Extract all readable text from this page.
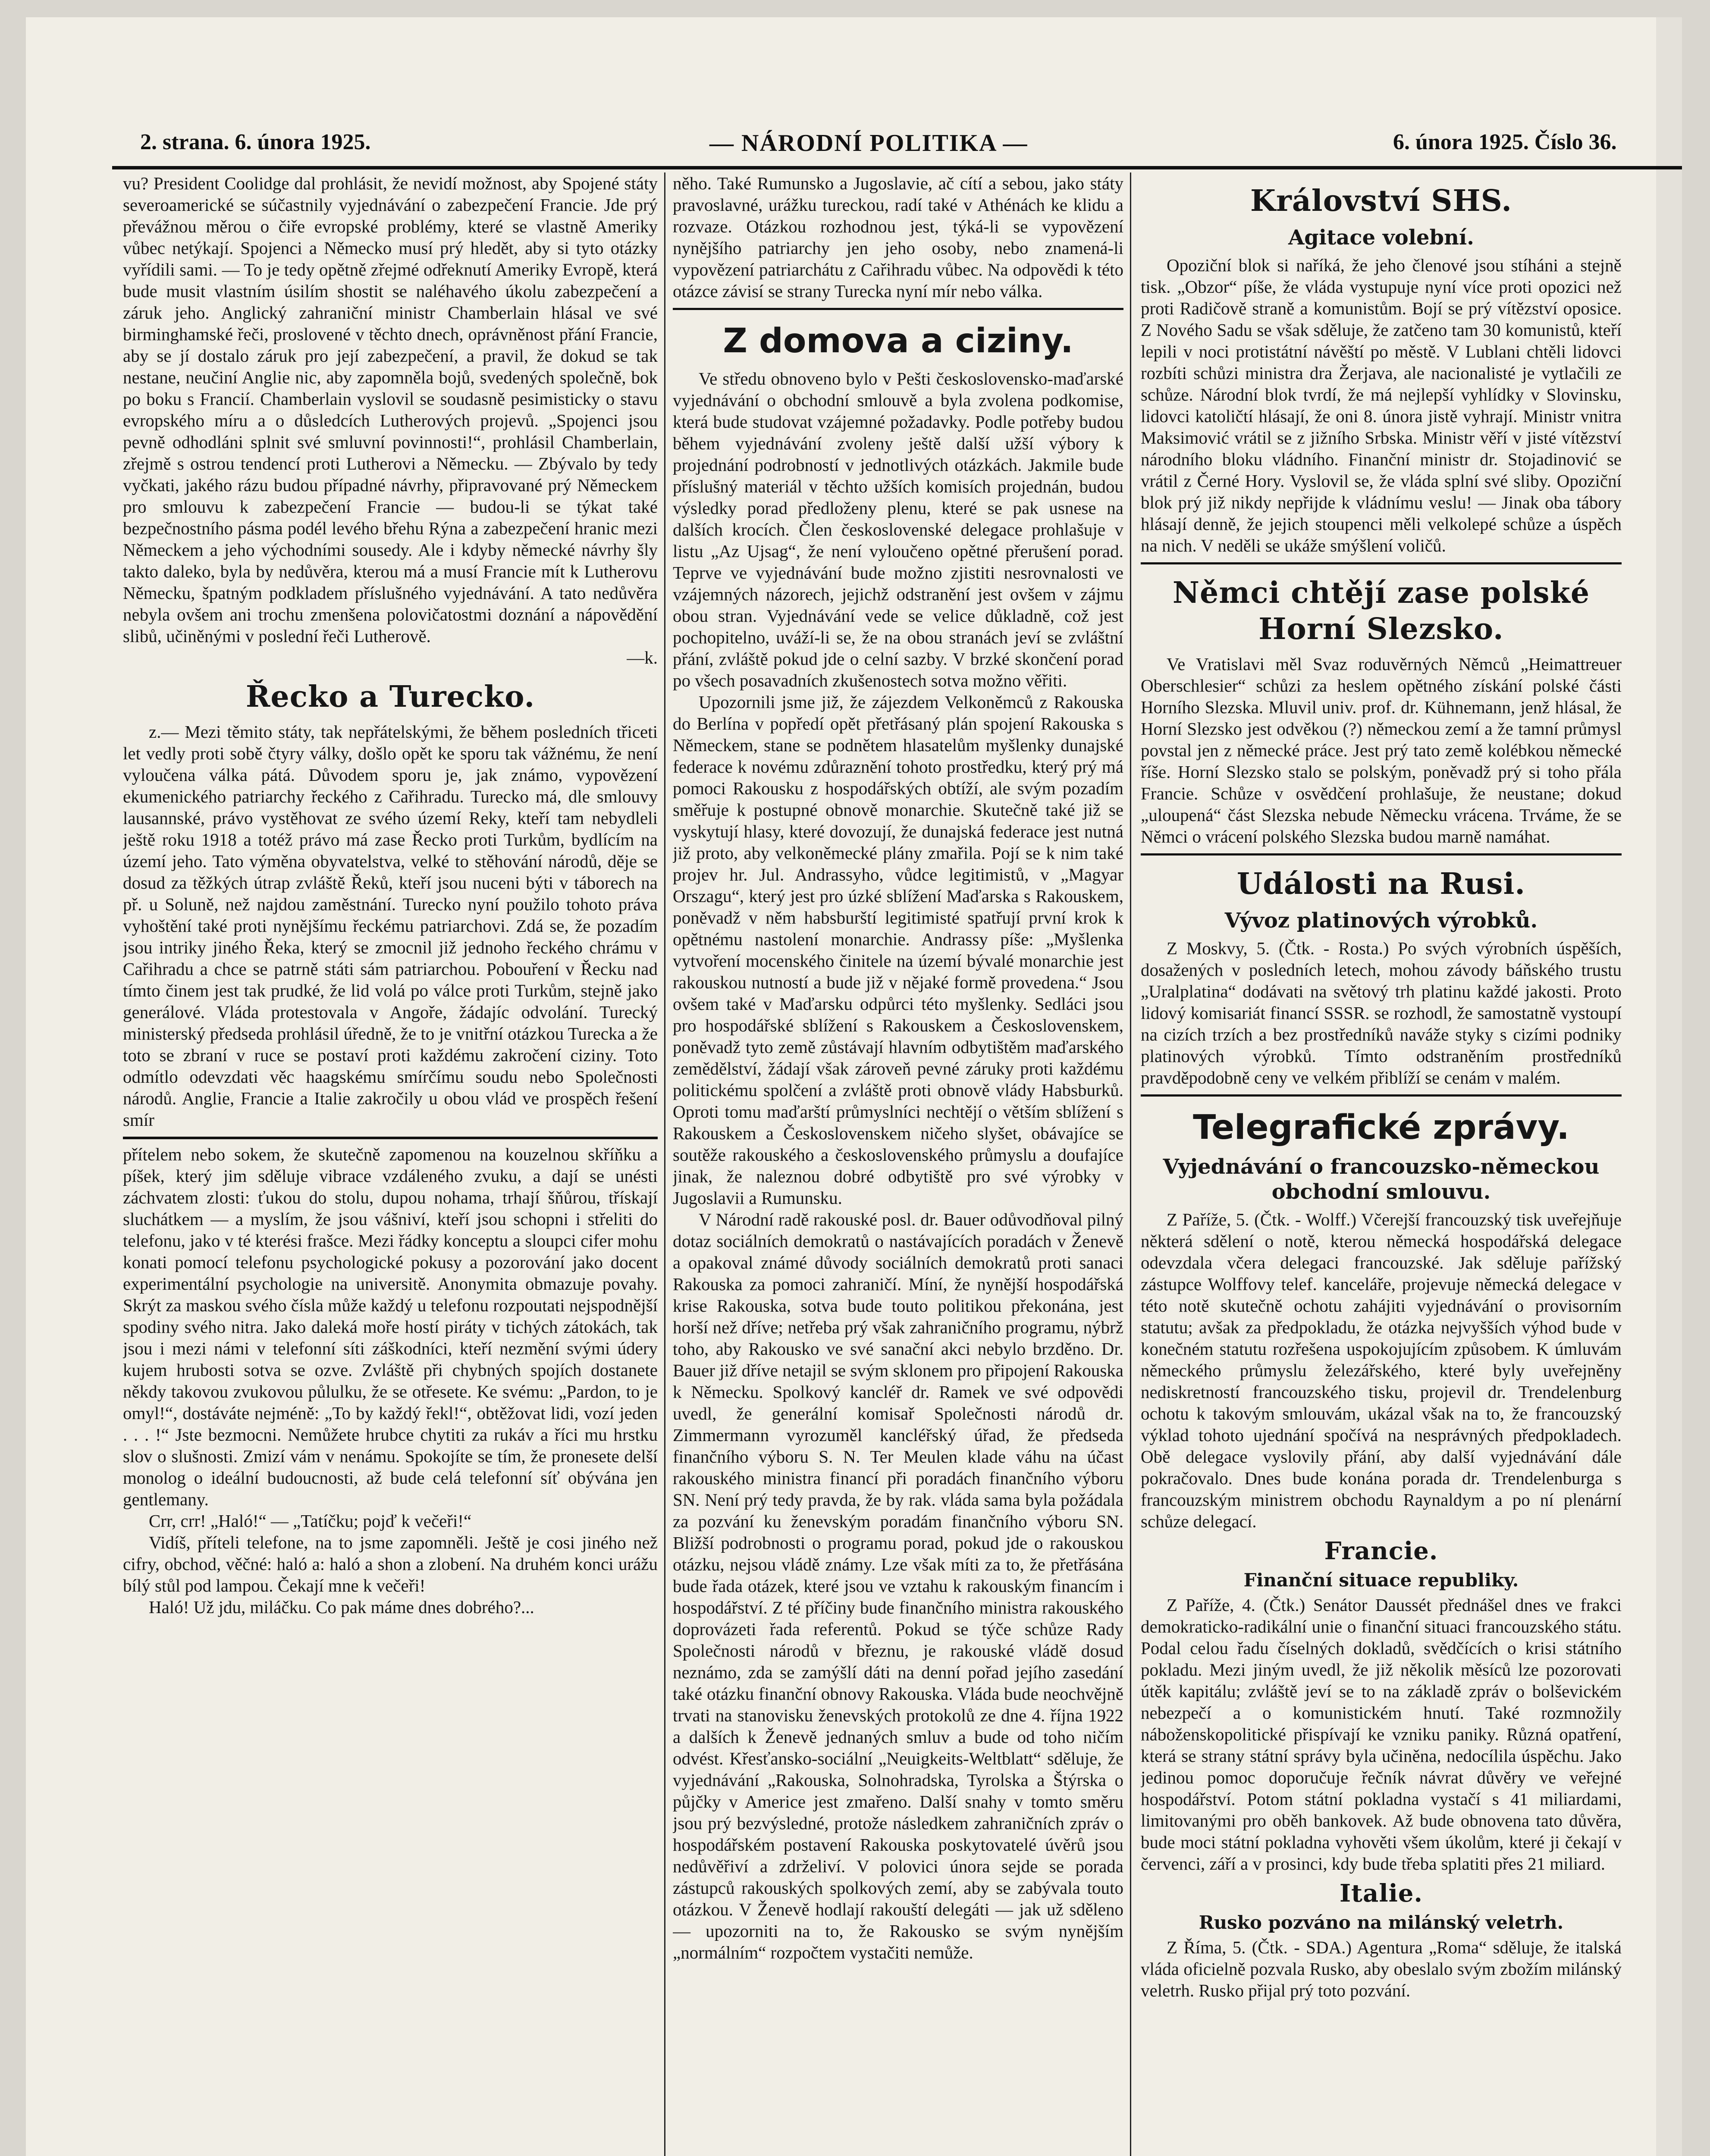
2. strana. 6. února 1925.	— NÁRODNÍ POLITIKA —	6. února 1925. Číslo 36.

vu? President Coolidge dal prohlásit, že nevidí možnost, aby Spojené státy severoamerické se súčastnily vyjednávání o zabezpečení Francie. Jde prý převážnou měrou o čiře evropské problémy, které se vlastně Ameriky vůbec netýkají. Spojenci a Německo musí prý hledět, aby si tyto otázky vyřídili sami. — To je tedy opětně zřejmé odřeknutí Ameriky Evropě, která bude musit vlastním úsilím shostit se naléhavého úkolu zabezpečení a záruk jeho. Anglický zahraniční ministr Chamberlain hlásal ve své birminghamské řeči, proslovené v těchto dnech, oprávněnost přání Francie, aby se jí dostalo záruk pro její zabezpečení, a pravil, že dokud se tak nestane, neučiní Anglie nic, aby zapomněla bojů, svedených společně, bok po boku s Francií. Chamberlain vyslovil se soudasně pesimisticky o stavu evropského míru a o důsledcích Lutherových projevů. „Spojenci jsou pevně odhodláni splnit své smluvní povinnosti!“, prohlásil Chamberlain, zřejmě s ostrou tendencí proti Lutherovi a Německu. — Zbývalo by tedy vyčkati, jakého rázu budou případné návrhy, připravované prý Německem pro smlouvu k zabezpečení Francie — budou-li se týkat také bezpečnostního pásma podél levého břehu Rýna a zabezpečení hranic mezi Německem a jeho východními sousedy. Ale i kdyby německé návrhy šly takto daleko, byla by nedůvěra, kterou má a musí Francie mít k Lutherovu Německu, špatným podkladem příslušného vyjednávání. A tato nedůvěra nebyla ovšem ani trochu zmenšena polovičatostmi doznání a nápovědění slibů, učiněnými v poslední řeči Lutherově.

—k.

Řecko a Turecko.

z.— Mezi těmito státy, tak nepřátelskými, že během posledních třiceti let vedly proti sobě čtyry války, došlo opět ke sporu tak vážnému, že není vyloučena válka pátá. Důvodem sporu je, jak známo, vypovězení ekumenického patriarchy řeckého z Cařihradu. Turecko má, dle smlouvy lausannské, právo vystěhovat ze svého území Reky, kteří tam nebydleli ještě roku 1918 a totéž právo má zase Řecko proti Turkům, bydlícím na území jeho. Tato výměna obyvatelstva, velké to stěhování národů, děje se dosud za těžkých útrap zvláště Řeků, kteří jsou nuceni býti v táborech na př. u Soluně, než najdou zaměstnání. Turecko nyní použilo tohoto práva vyhoštění také proti nynějšímu řeckému patriarchovi. Zdá se, že pozadím jsou intriky jiného Řeka, který se zmocnil již jednoho řeckého chrámu v Cařihradu a chce se patrně státi sám patriarchou. Pobouření v Řecku nad tímto činem jest tak prudké, že lid volá po válce proti Turkům, stejně jako generálové. Vláda protestovala v Angoře, žádajíc odvolání. Turecký ministerský předseda prohlásil úředně, že to je vnitřní otázkou Turecka a že toto se zbraní v ruce se postaví proti každému zakročení ciziny. Toto odmítlo odevzdati věc haagskému smírčímu soudu nebo Společnosti národů. Anglie, Francie a Italie zakročily u obou vlád ve prospěch řešení smír

přítelem nebo sokem, že skutečně zapomenou na kouzelnou skříňku a píšek, který jim sděluje vibrace vzdáleného zvuku, a dají se unésti záchvatem zlosti: ťukou do stolu, dupou nohama, trhají šňůrou, třískají sluchátkem — a myslím, že jsou vášniví, kteří jsou schopni i střeliti do telefonu, jako v té kterési frašce. Mezi řádky konceptu a sloupci cifer mohu konati pomocí telefonu psychologické pokusy a pozorování jako docent experimentální psychologie na universitě. Anonymita obmazuje povahy. Skrýt za maskou svého čísla může každý u telefonu rozpoutati nejspodnější spodiny svého nitra. Jako daleká moře hostí piráty v tichých zátokách, tak jsou i mezi námi v telefonní síti záškodníci, kteří nezmění svými údery kujem hrubosti sotva se ozve. Zvláště při chybných spojích dostanete někdy takovou zvukovou půlulku, že se otřesete. Ke svému: „Pardon, to je omyl!“, dostáváte nejméně: „To by každý řekl!“, obtěžovat lidi, vozí jeden . . . !“ Jste bezmocni. Nemůžete hrubce chytiti za rukáv a říci mu hrstku slov o slušnosti. Zmizí vám v nenámu. Spokojíte se tím, že pronesete delší monolog o ideální budoucnosti, až bude celá telefonní síť obývána jen gentlemany.

Crr, crr! „Haló!“ — „Tatíčku; pojď k večeři!“

Vidíš, příteli telefone, na to jsme zapomněli. Ještě je cosi jiného než cifry, obchod, věčné: haló a: haló a shon a zlobení. Na druhém konci urážu bílý stůl pod lampou. Čekají mne k večeři!

Haló! Už jdu, miláčku. Co pak máme dnes dobrého?...

něho. Také Rumunsko a Jugoslavie, ač cítí a sebou, jako státy pravoslavné, urážku tureckou, radí také v Athénách ke klidu a rozvaze. Otázkou rozhodnou jest, týká-li se vypovězení nynějšího patriarchy jen jeho osoby, nebo znamená-li vypovězení patriarchátu z Cařihradu vůbec. Na odpovědi k této otázce závisí se strany Turecka nyní mír nebo válka.

Z domova a ciziny.

Ve středu obnoveno bylo v Pešti československo-maďarské vyjednávání o obchodní smlouvě a byla zvolena podkomise, která bude studovat vzájemné požadavky. Podle potřeby budou během vyjednávání zvoleny ještě další užší výbory k projednání podrobností v jednotlivých otázkách. Jakmile bude příslušný materiál v těchto užších komisích projednán, budou výsledky porad předloženy plenu, které se pak usnese na dalších krocích. Člen československé delegace prohlašuje v listu „Az Ujsag“, že není vyloučeno opětné přerušení porad. Teprve ve vyjednávání bude možno zjistiti nesrovnalosti ve vzájemných názorech, jejichž odstranění jest ovšem v zájmu obou stran. Vyjednávání vede se velice důkladně, což jest pochopitelno, uváží-li se, že na obou stranách jeví se zvláštní přání, zvláště pokud jde o celní sazby. V brzké skončení porad po všech posavadních zkušenostech sotva možno věřiti.

Upozornili jsme již, že zájezdem Velkoněmců z Rakouska do Berlína v popředí opět přetřásaný plán spojení Rakouska s Německem, stane se podnětem hlasatelům myšlenky dunajské federace k novému zdůraznění tohoto prostředku, který prý má pomoci Rakousku z hospodářských obtíží, ale svým pozadím směřuje k postupné obnově monarchie. Skutečně také již se vyskytují hlasy, které dovozují, že dunajská federace jest nutná již proto, aby velkoněmecké plány zmařila. Pojí se k nim také projev hr. Jul. Andrassyho, vůdce legitimistů, v „Magyar Orszagu“, který jest pro úzké sblížení Maďarska s Rakouskem, poněvadž v něm habsburští legitimisté spatřují první krok k opětnému nastolení monarchie. Andrassy píše: „Myšlenka vytvoření mocenského činitele na území bývalé monarchie jest rakouskou nutností a bude již v nějaké formě provedena.“ Jsou ovšem také v Maďarsku odpůrci této myšlenky. Sedláci jsou pro hospodářské sblížení s Rakouskem a Československem, poněvadž tyto země zůstávají hlavním odbytištěm maďarského zemědělství, žádají však zároveň pevné záruky proti každému politickému spolčení a zvláště proti obnově vlády Habsburků. Oproti tomu maďarští průmyslníci nechtějí o větším sblížení s Rakouskem a Československem ničeho slyšet, obávajíce se soutěže rakouského a československého průmyslu a doufajíce jinak, že naleznou dobré odbytiště pro své výrobky v Jugoslavii a Rumunsku.

V Národní radě rakouské posl. dr. Bauer odůvodňoval pilný dotaz sociálních demokratů o nastávajících poradách v Ženevě a opakoval známé důvody sociálních demokratů proti sanaci Rakouska za pomoci zahraničí. Míní, že nynější hospodářská krise Rakouska, sotva bude touto politikou překonána, jest horší než dříve; netřeba prý však zahraničního programu, nýbrž toho, aby Rakousko ve své sanační akci nebylo brzděno. Dr. Bauer již dříve netajil se svým sklonem pro připojení Rakouska k Německu. Spolkový kancléř dr. Ramek ve své odpovědi uvedl, že generální komisař Společnosti národů dr. Zimmermann vyrozuměl kancléřský úřad, že předseda finančního výboru S. N. Ter Meulen klade váhu na účast rakouského ministra financí při poradách finančního výboru SN. Není prý tedy pravda, že by rak. vláda sama byla požádala za pozvání ku ženevským poradám finančního výboru SN. Bližší podrobnosti o programu porad, pokud jde o rakouskou otázku, nejsou vládě známy. Lze však míti za to, že přetřásána bude řada otázek, které jsou ve vztahu k rakouským financím i hospodářství. Z té příčiny bude finančního ministra rakouského doprovázeti řada referentů. Pokud se týče schůze Rady Společnosti národů v březnu, je rakouské vládě dosud neznámo, zda se zamýšlí dáti na denní pořad jejího zasedání také otázku finanční obnovy Rakouska. Vláda bude neochvějně trvati na stanovisku ženevských protokolů ze dne 4. října 1922 a dalších k Ženevě jednaných smluv a bude od toho ničím odvést. Křesťansko-sociální „Neuigkeits-Weltblatt“ sděluje, že vyjednávání „Rakouska, Solnohradska, Tyrolska a Štýrska o půjčky v Americe jest zmařeno. Další snahy v tomto směru jsou prý bezvýsledné, protože následkem zahraničních zpráv o hospodářském postavení Rakouska poskytovatelé úvěrů jsou nedůvěřiví a zdrželiví. V polovici února sejde se porada zástupců rakouských spolkových zemí, aby se zabývala touto otázkou. V Ženevě hodlají rakouští delegáti — jak už sděleno — upozorniti na to, že Rakousko se svým nynějším „normálním“ rozpočtem vystačiti nemůže.

Království SHS.
Agitace volební.

Opoziční blok si naříká, že jeho členové jsou stíháni a stejně tisk. „Obzor“ píše, že vláda vystupuje nyní více proti opozici než proti Radičově straně a komunistům. Bojí se prý vítězství oposice. Z Nového Sadu se však sděluje, že zatčeno tam 30 komunistů, kteří lepili v noci protistátní návěští po městě. V Lublani chtěli lidovci rozbíti schůzi ministra dra Žerjava, ale nacionalisté je vytlačili ze schůze. Národní blok tvrdí, že má nejlepší vyhlídky v Slovinsku, lidovci katoličtí hlásají, že oni 8. února jistě vyhrají. Ministr vnitra Maksimović vrátil se z jižního Srbska. Ministr věří v jisté vítězství národního bloku vládního. Finanční ministr dr. Stojadinović se vrátil z Černé Hory. Vyslovil se, že vláda splní své sliby. Opoziční blok prý již nikdy nepřijde k vládnímu veslu! — Jinak oba tábory hlásají denně, že jejich stoupenci měli velkolepé schůze a úspěch na nich. V neděli se ukáže smýšlení voličů.

Němci chtějí zase polské Horní Slezsko.

Ve Vratislavi měl Svaz roduvěrných Němců „Heimattreuer Oberschlesier“ schůzi za heslem opětného získání polské části Horního Slezska. Mluvil univ. prof. dr. Kühnemann, jenž hlásal, že Horní Slezsko jest odvěkou (?) německou zemí a že tamní průmysl povstal jen z německé práce. Jest prý tato země kolébkou německé říše. Horní Slezsko stalo se polským, poněvadž prý si toho přála Francie. Schůze v osvědčení prohlašuje, že neustane; dokud „uloupená“ část Slezska nebude Německu vrácena. Trváme, že se Němci o vrácení polského Slezska budou marně namáhat.

Události na Rusi.
Vývoz platinových výrobků.

Z Moskvy, 5. (Čtk. - Rosta.) Po svých výrobních úspěších, dosažených v posledních letech, mohou závody báňského trustu „Uralplatina“ dodávati na světový trh platinu každé jakosti. Proto lidový komisariát financí SSSR. se rozhodl, že samostatně vystoupí na cizích trzích a bez prostředníků naváže styky s cizími podniky platinových výrobků. Tímto odstraněním prostředníků pravděpodobně ceny ve velkém přiblíží se cenám v malém.

Telegrafické zprávy.
Vyjednávání o francouzsko-německou obchodní smlouvu.

Z Paříže, 5. (Čtk. - Wolff.) Včerejší francouzský tisk uveřejňuje některá sdělení o notě, kterou německá hospodářská delegace odevzdala včera delegaci francouzské. Jak sděluje pařížský zástupce Wolffovy telef. kanceláře, projevuje německá delegace v této notě skutečně ochotu zahájiti vyjednávání o provisorním statutu; avšak za předpokladu, že otázka nejvyšších výhod bude v konečném statutu rozřešena uspokojujícím způsobem. K úmluvám německého průmyslu železářského, které byly uveřejněny nediskretností francouzského tisku, projevil dr. Trendelenburg ochotu k takovým smlouvám, ukázal však na to, že francouzský výklad tohoto ujednání spočívá na nesprávných předpokladech. Obě delegace vyslovily přání, aby další vyjednávání dále pokračovalo. Dnes bude konána porada dr. Trendelenburga s francouzským ministrem obchodu Raynaldym a po ní plenární schůze delegací.

Francie.
Finanční situace republiky.

Z Paříže, 4. (Čtk.) Senátor Daussét přednášel dnes ve frakci demokraticko-radikální unie o finanční situaci francouzského státu. Podal celou řadu číselných dokladů, svědčících o krisi státního pokladu. Mezi jiným uvedl, že již několik měsíců lze pozorovati útěk kapitálu; zvláště jeví se to na základě zpráv o bolševickém nebezpečí a o komunistickém hnutí. Také rozmnožily náboženskopolitické přispívají ke vzniku paniky. Různá opatření, která se strany státní správy byla učiněna, nedocílila úspěchu. Jako jedinou pomoc doporučuje řečník návrat důvěry ve veřejné hospodářství. Potom státní pokladna vystačí s 41 miliardami, limitovanými pro oběh bankovek. Až bude obnovena tato důvěra, bude moci státní pokladna vyhověti všem úkolům, které ji čekají v červenci, září a v prosinci, kdy bude třeba splatiti přes 21 miliard.

Italie.
Rusko pozváno na milánský veletrh.

Z Říma, 5. (Čtk. - SDA.) Agentura „Roma“ sděluje, že italská vláda oficielně pozvala Rusko, aby obeslalo svým zbožím milánský veletrh. Rusko přijal prý toto pozvání.
